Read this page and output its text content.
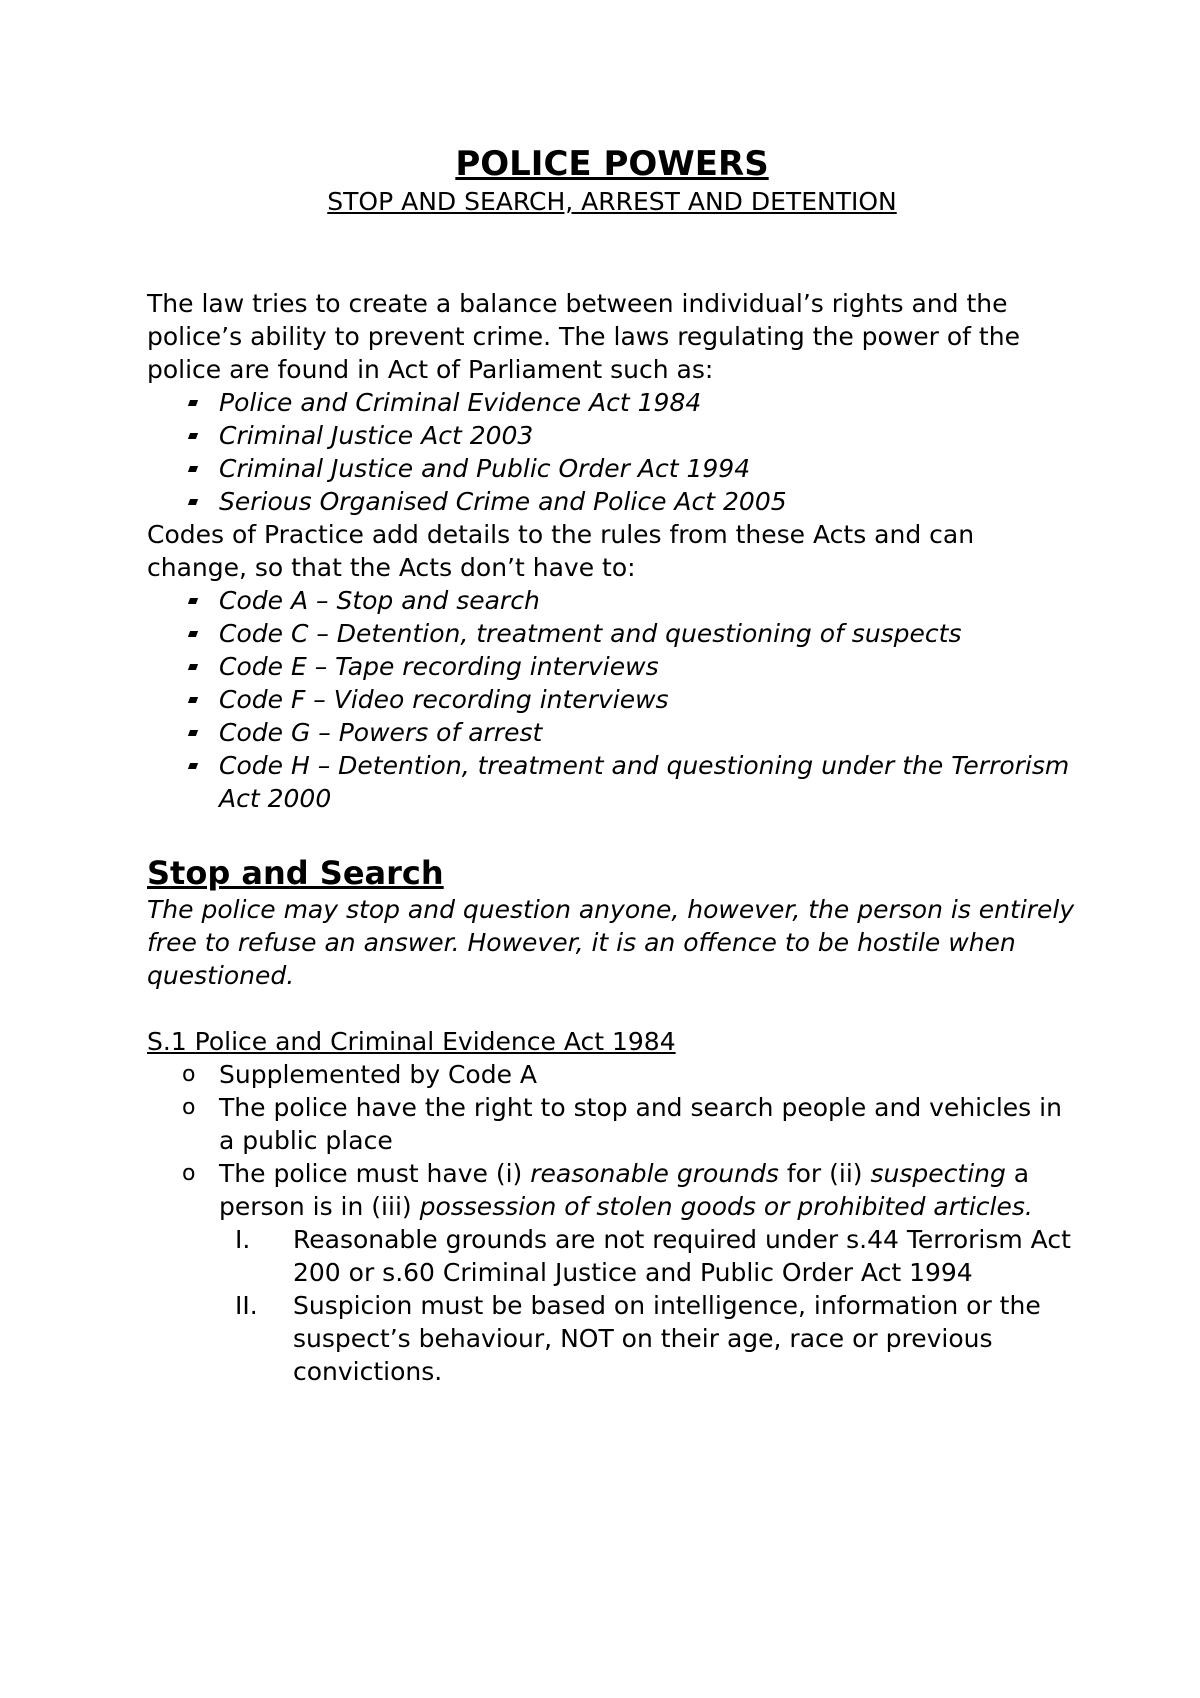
POLICE POWERS
STOP AND SEARCH, ARREST AND DETENTION

The law tries to create a balance between individual’s rights and the police’s ability to prevent crime. The laws regulating the power of the police are found in Act of Parliament such as:

Police and Criminal Evidence Act 1984
Criminal Justice Act 2003
Criminal Justice and Public Order Act 1994
Serious Organised Crime and Police Act 2005

Codes of Practice add details to the rules from these Acts and can change, so that the Acts don’t have to:

Code A – Stop and search
Code C – Detention, treatment and questioning of suspects
Code E – Tape recording interviews
Code F – Video recording interviews
Code G – Powers of arrest
Code H – Detention, treatment and questioning under the Terrorism Act 2000
Stop and Search

The police may stop and question anyone, however, the person is entirely free to refuse an answer. However, it is an offence to be hostile when questioned.

S.1 Police and Criminal Evidence Act 1984

o Supplemented by Code A
o The police have the right to stop and search people and vehicles in a public place
o The police must have (i) reasonable grounds for (ii) suspecting a person is in (iii) possession of stolen goods or prohibited articles.
I. Reasonable grounds are not required under s.44 Terrorism Act 200 or s.60 Criminal Justice and Public Order Act 1994
II. Suspicion must be based on intelligence, information or the suspect’s behaviour, NOT on their age, race or previous convictions.
